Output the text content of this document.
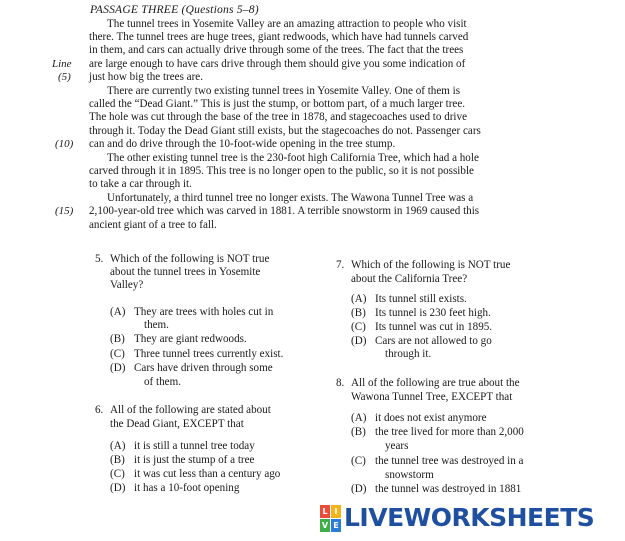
PASSAGE THREE (Questions 5–8)
The tunnel trees in Yosemite Valley are an amazing attraction to people who visit
there. The tunnel trees are huge trees, giant redwoods, which have had tunnels carved
in them, and cars can actually drive through some of the trees. The fact that the trees
are large enough to have cars drive through them should give you some indication of
just how big the trees are.
There are currently two existing tunnel trees in Yosemite Valley. One of them is
called the “Dead Giant.” This is just the stump, or bottom part, of a much larger tree.
The hole was cut through the base of the tree in 1878, and stagecoaches used to drive
through it. Today the Dead Giant still exists, but the stagecoaches do not. Passenger cars
can and do drive through the 10-foot-wide opening in the tree stump.
The other existing tunnel tree is the 230-foot high California Tree, which had a hole
carved through it in 1895. This tree is no longer open to the public, so it is not possible
to take a car through it.
Unfortunately, a third tunnel tree no longer exists. The Wawona Tunnel Tree was a
2,100-year-old tree which was carved in 1881. A terrible snowstorm in 1969 caused this
ancient giant of a tree to fall.
Line
(5)
(10)
(15)
5. Which of the following is NOT true
about the tunnel trees in Yosemite
Valley?
(A) They are trees with holes cut in
them.
(B) They are giant redwoods.
(C) Three tunnel trees currently exist.
(D) Cars have driven through some
of them.
6. All of the following are stated about
the Dead Giant, EXCEPT that
(A) it is still a tunnel tree today
(B) it is just the stump of a tree
(C) it was cut less than a century ago
(D) it has a 10-foot opening
7. Which of the following is NOT true
about the California Tree?
(A) Its tunnel still exists.
(B) Its tunnel is 230 feet high.
(C) Its tunnel was cut in 1895.
(D) Cars are not allowed to go
through it.
8. All of the following are true about the
Wawona Tunnel Tree, EXCEPT that
(A) it does not exist anymore
(B) the tree lived for more than 2,000
years
(C) the tunnel tree was destroyed in a
snowstorm
(D) the tunnel was destroyed in 1881
L I
V E LIVEWORKSHEETS
